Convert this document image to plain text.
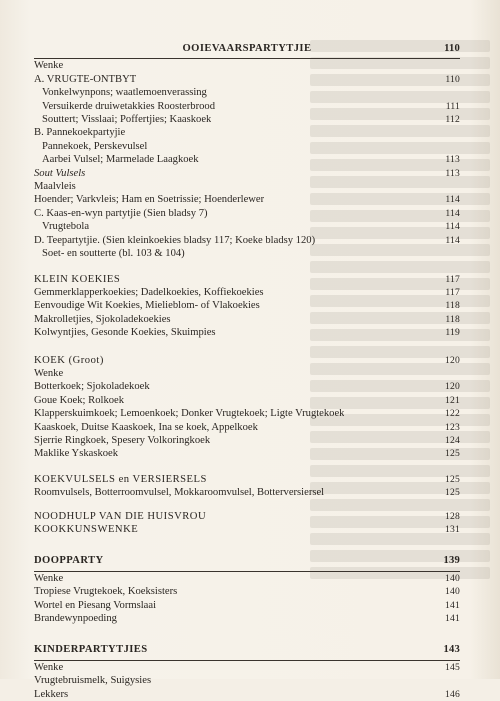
OOIEVAARSPARTYTJIE	110
Wenke
A. VRUGTE-ONTBYT	110
Vonkelwynpons; waatlemoenverassing
Versuikerde druiwetakkies Roosterbrood	111
Souttert; Visslaai; Poffertjies; Kaaskoek	112
B. Pannekoekpartyjie
Pannekoek, Perskevulsel
Aarbei Vulsel; Marmelade Laagkoek	113
Sout Vulsels	113
Maalvleis
Hoender; Varkvleis; Ham en Soetrissie; Hoenderlewer	114
C. Kaas-en-wyn partytjie (Sien bladsy 7)	114
Vrugtebola	114
D. Teepartytjie. (Sien kleinkoekies bladsy 117; Koeke bladsy 120)	114
Soet- en soutterte (bl. 103 & 104)
KLEIN KOEKIES	117
Gemmerklapperkoekies; Dadelkoekies, Koffiekoekies	117
Eenvoudige Wit Koekies, Mielieblom- of Vlakoekies	118
Makrolletjies, Sjokoladekoekies	118
Kolwyntjies, Gesonde Koekies, Skuimpies	119
KOEK (Groot)	120
Wenke
Botterkoek; Sjokoladekoek	120
Goue Koek; Rolkoek	121
Klapperskuimkoek; Lemoenkoek; Donker Vrugtekoek; Ligte Vrugtekoek	122
Kaaskoek, Duitse Kaaskoek, Ina se koek, Appelkoek	123
Sjerrie Ringkoek, Spesery Volkoringkoek	124
Maklike Yskaskoek	125
KOEKVULSELS en VERSIERSELS	125
Roomvulsels, Botterroomvulsel, Mokkaroomvulsel, Botterversiersel	125
NOODHULP VAN DIE HUISVROU	128
KOOKKUNSWENKE	131
DOOPPARTY	139
Wenke	140
Tropiese Vrugtekoek, Koeksisters	140
Wortel en Piesang Vormslaai	141
Brandewynpoeding	141
KINDERPARTYTJIES	143
Wenke	145
Vrugtebruismelk, Suigysies
Lekkers	146
